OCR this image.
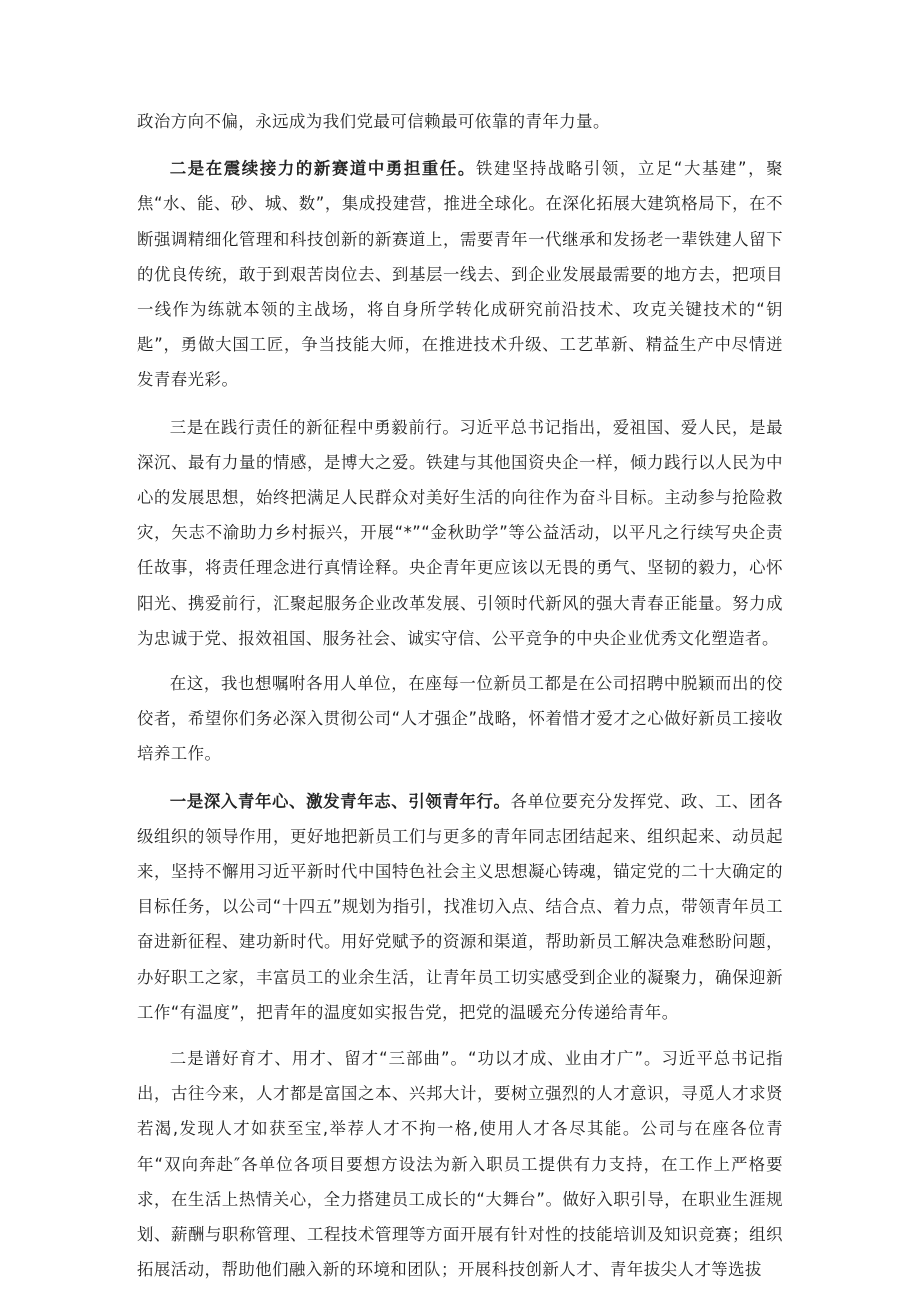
政治方向不偏，永远成为我们党最可信赖最可依靠的青年力量。

二是在震续接力的新赛道中勇担重任。铁建坚持战略引领，立足“大基建”，聚焦“水、能、砂、城、数”，集成投建营，推进全球化。在深化拓展大建筑格局下，在不断强调精细化管理和科技创新的新赛道上，需要青年一代继承和发扬老一辈铁建人留下的优良传统，敢于到艰苦岗位去、到基层一线去、到企业发展最需要的地方去，把项目一线作为练就本领的主战场，将自身所学转化成研究前沿技术、攻克关键技术的“钥匙”，勇做大国工匠，争当技能大师，在推进技术升级、工艺革新、精益生产中尽情迸发青春光彩。

三是在践行责任的新征程中勇毅前行。习近平总书记指出，爱祖国、爱人民，是最深沉、最有力量的情感，是博大之爱。铁建与其他国资央企一样，倾力践行以人民为中心的发展思想，始终把满足人民群众对美好生活的向往作为奋斗目标。主动参与抢险救灾，矢志不渝助力乡村振兴，开展“*”“金秋助学”等公益活动，以平凡之行续写央企责任故事，将责任理念进行真情诠释。央企青年更应该以无畏的勇气、坚韧的毅力，心怀阳光、携爱前行，汇聚起服务企业改革发展、引领时代新风的强大青春正能量。努力成为忠诚于党、报效祖国、服务社会、诚实守信、公平竞争的中央企业优秀文化塑造者。

在这，我也想嘱咐各用人单位，在座每一位新员工都是在公司招聘中脱颖而出的佼佼者，希望你们务必深入贯彻公司“人才强企”战略，怀着惜才爱才之心做好新员工接收培养工作。

一是深入青年心、激发青年志、引领青年行。各单位要充分发挥党、政、工、团各级组织的领导作用，更好地把新员工们与更多的青年同志团结起来、组织起来、动员起来，坚持不懈用习近平新时代中国特色社会主义思想凝心铸魂，锚定党的二十大确定的目标任务，以公司“十四五”规划为指引，找准切入点、结合点、着力点，带领青年员工奋进新征程、建功新时代。用好党赋予的资源和渠道，帮助新员工解决急难愁盼问题，办好职工之家，丰富员工的业余生活，让青年员工切实感受到企业的凝聚力，确保迎新工作“有温度”，把青年的温度如实报告党，把党的温暖充分传递给青年。

二是谱好育才、用才、留才“三部曲”。“功以才成、业由才广”。习近平总书记指出，古往今来，人才都是富国之本、兴邦大计，要树立强烈的人才意识，寻觅人才求贤若渴,发现人才如获至宝,举荐人才不拘一格,使用人才各尽其能。公司与在座各位青年“双向奔赴″各单位各项目要想方设法为新入职员工提供有力支持，在工作上严格要求，在生活上热情关心，全力搭建员工成长的“大舞台”。做好入职引导，在职业生涯规划、薪酬与职称管理、工程技术管理等方面开展有针对性的技能培训及知识竞赛；组织拓展活动，帮助他们融入新的环境和团队；开展科技创新人才、青年拔尖人才等选拔
